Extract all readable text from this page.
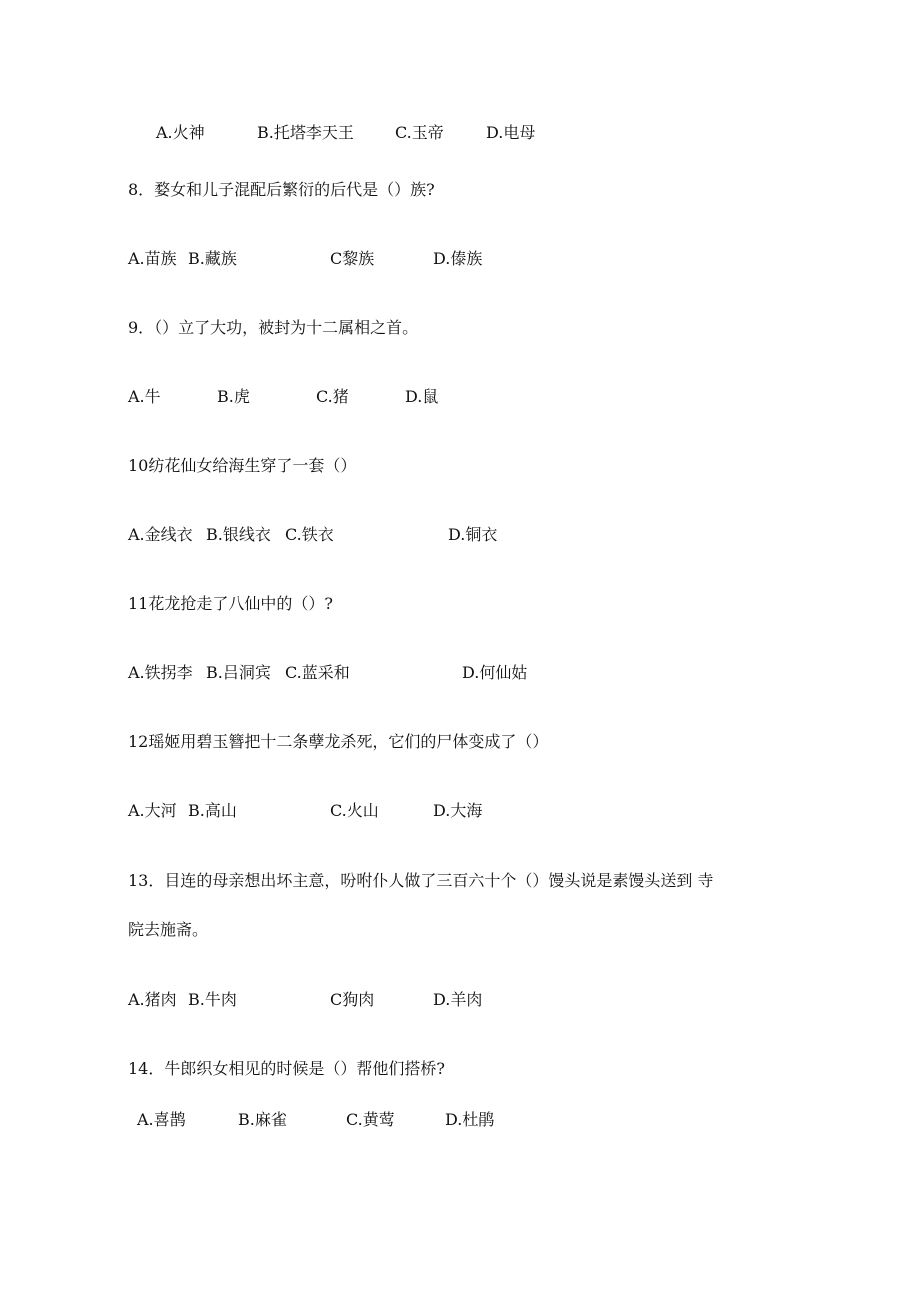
A.火神	B.托塔李天王	C.玉帝	D.电母
8．婺女和儿子混配后繁衍的后代是（）族?
A.苗族 B.藏族	C黎族	D.傣族
9．（）立了大功，被封为十二属相之首。
A.牛	B.虎	C.猪	D.鼠
10纺花仙女给海生穿了一套（）
A.金线衣 B.银线衣 C.铁衣	D.铜衣
11花龙抢走了八仙中的（）?
A.铁拐李 B.吕洞宾 C.蓝采和	D.何仙姑
12瑶姬用碧玉簪把十二条孽龙杀死，它们的尸体变成了（）
A.大河 B.高山	C.火山	D.大海
13．目连的母亲想出坏主意，吩咐仆人做了三百六十个（）馒头说是素馒头送到 寺
院去施斋。
A.猪肉 B.牛肉	C狗肉	D.羊肉
14．牛郎织女相见的时候是（）帮他们搭桥?
A.喜鹊	B.麻雀	C.黄莺	D.杜鹃
